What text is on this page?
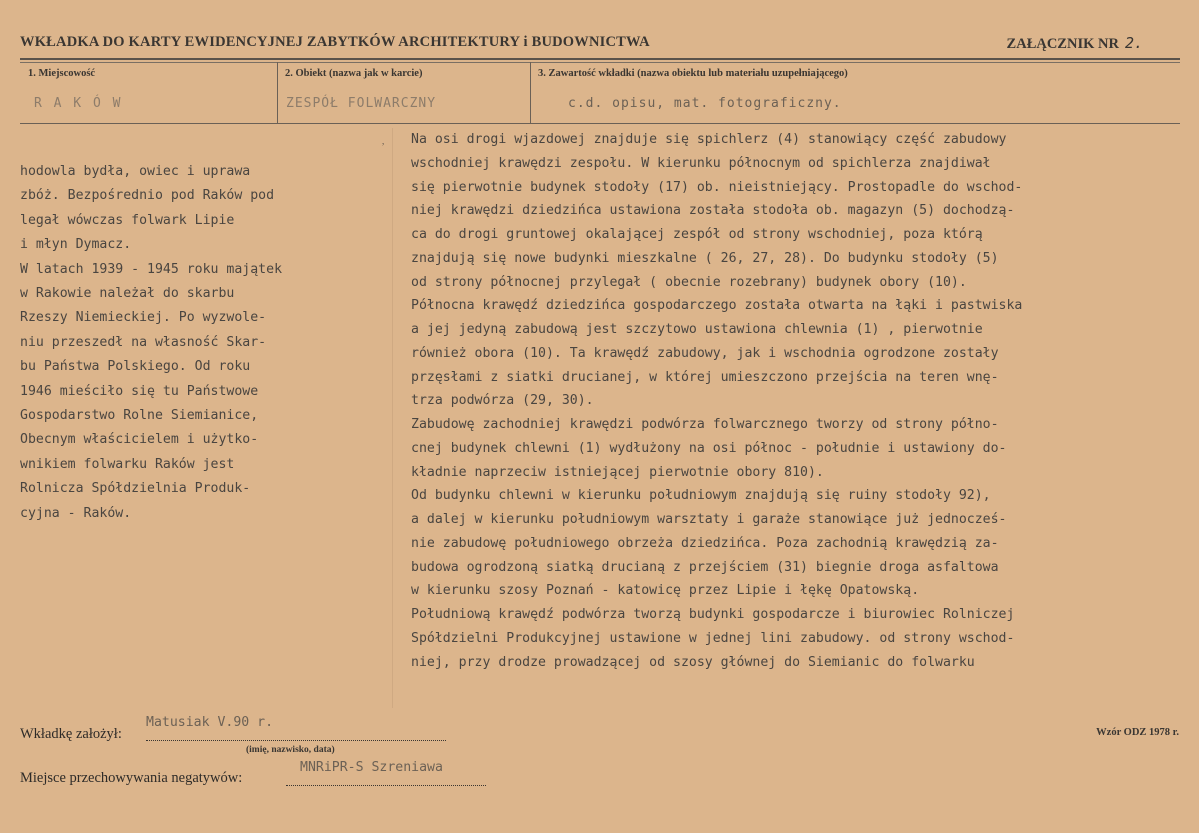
WKŁADKA DO KARTY EWIDENCYJNEJ ZABYTKÓW ARCHITEKTURY i BUDOWNICTWA	ZAŁĄCZNIK NR 2.
1. Miejscowość	2. Obiekt (nazwa jak w karcie)	3. Zawartość wkładki (nazwa obiektu lub materiału uzupełniającego)
R A K Ó W	ZESPÓŁ FOLWARCZNY	c.d. opisu, mat. fotograficzny.
,
hodowla bydła, owiec i uprawa
zbóż. Bezpośrednio pod Raków pod
legał wówczas folwark Lipie
i młyn Dymacz.
W latach 1939 - 1945 roku majątek
w Rakowie należał do skarbu
Rzeszy Niemieckiej. Po wyzwole-
niu przeszedł na własność Skar-
bu Państwa Polskiego. Od roku
1946 mieściło się tu Państwowe
Gospodarstwo Rolne Siemianice,
Obecnym właścicielem i użytko-
wnikiem folwarku Raków jest
Rolnicza Spółdzielnia Produk-
cyjna - Raków.
Na osi drogi wjazdowej znajduje się spichlerz (4) stanowiący część zabudowy
wschodniej krawędzi zespołu. W kierunku północnym od spichlerza znajdiwał
się pierwotnie budynek stodoły (17) ob. nieistniejący. Prostopadle do wschod-
niej krawędzi dziedzińca ustawiona została stodoła ob. magazyn (5) dochodzą-
ca do drogi gruntowej okalającej zespół od strony wschodniej, poza którą
znajdują się nowe budynki mieszkalne ( 26, 27, 28). Do budynku stodoły (5)
od strony północnej przylegał ( obecnie rozebrany) budynek obory (10).
Północna krawędź dziedzińca gospodarczego została otwarta na łąki i pastwiska
a jej jedyną zabudową jest szczytowo ustawiona chlewnia (1) , pierwotnie
również obora (10). Ta krawędź zabudowy, jak i wschodnia ogrodzone zostały
przęsłami z siatki drucianej, w której umieszczono przejścia na teren wnę-
trza podwórza (29, 30).
Zabudowę zachodniej krawędzi podwórza folwarcznego tworzy od strony półno-
cnej budynek chlewni (1) wydłużony na osi północ - południe i ustawiony do-
kładnie naprzeciw istniejącej pierwotnie obory 810).
Od budynku chlewni w kierunku południowym znajdują się ruiny stodoły 92),
a dalej w kierunku południowym warsztaty i garaże stanowiące już jednocześ-
nie zabudowę południowego obrzeża dziedzińca. Poza zachodnią krawędzią za-
budowa ogrodzoną siatką drucianą z przejściem (31) biegnie droga asfaltowa
w kierunku szosy Poznań - katowicę przez Lipie i łękę Opatowską.
Południową krawędź podwórza tworzą budynki gospodarcze i biurowiec Rolniczej
Spółdzielni Produkcyjnej ustawione w jednej lini zabudowy. od strony wschod-
niej, przy drodze prowadzącej od szosy głównej do Siemianic do folwarku
Wkładkę założył:
Matusiak V.90 r.
(imię, nazwisko, data)
Miejsce przechowywania negatywów:
MNRiPR-S Szreniawa
Wzór ODZ 1978 r.
